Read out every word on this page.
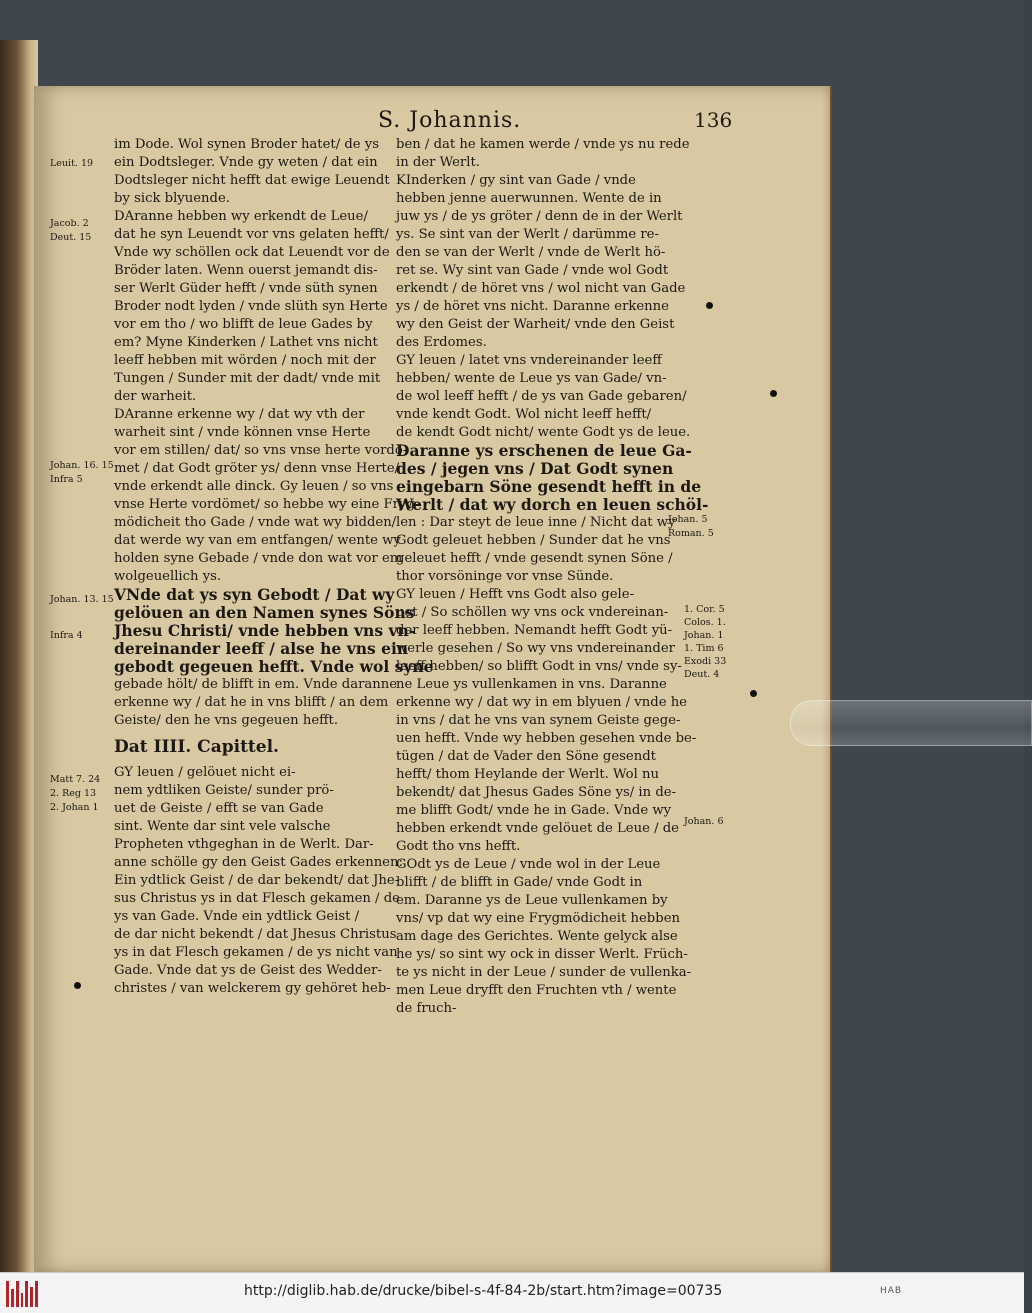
S. Johannis.	136
im Dode. Wol synen Broder hatet/ de ys
ein Dodtsleger. Vnde gy weten / dat ein
Dodtsleger nicht hefft dat ewige Leuendt
by sick blyuende.
DAranne hebben wy erkendt de Leue/
dat he syn Leuendt vor vns gelaten hefft/
Vnde wy schöllen ock dat Leuendt vor de
Bröder laten. Wenn ouerst jemandt dis-
ser Werlt Güder hefft / vnde süth synen
Broder nodt lyden / vnde slüth syn Herte
vor em tho / wo blifft de leue Gades by
em? Myne Kinderken / Lathet vns nicht
leeff hebben mit wörden / noch mit der
Tungen / Sunder mit der dadt/ vnde mit
der warheit.
DAranne erkenne wy / dat wy vth der
warheit sint / vnde können vnse Herte
vor em stillen/ dat/ so vns vnse herte vordö-
met / dat Godt gröter ys/ denn vnse Herte/
vnde erkendt alle dinck. Gy leuen / so vns
vnse Herte vordömet/ so hebbe wy eine Fryg-
mödicheit tho Gade / vnde wat wy bidden/
dat werde wy van em entfangen/ wente wy
holden syne Gebade / vnde don wat vor em
wolgeuellich ys.
VNde dat ys syn Gebodt / Dat wy
gelöuen an den Namen synes Söns
Jhesu Christi/ vnde hebben vns vn-
dereinander leeff / alse he vns ein
gebodt gegeuen hefft. Vnde wol syne
gebade hölt/ de blifft in em. Vnde daranne
erkenne wy / dat he in vns blifft / an dem
Geiste/ den he vns gegeuen hefft.
Dat IIII. Capittel.
GY leuen / gelöuet nicht ei-
nem ydtliken Geiste/ sunder prö-
uet de Geiste / efft se van Gade
sint. Wente dar sint vele valsche
Propheten vthgeghan in de Werlt. Dar-
anne schölle gy den Geist Gades erkennen:
Ein ydtlick Geist / de dar bekendt/ dat Jhe-
sus Christus ys in dat Flesch gekamen / de
ys van Gade. Vnde ein ydtlick Geist /
de dar nicht bekendt / dat Jhesus Christus
ys in dat Flesch gekamen / de ys nicht van
Gade. Vnde dat ys de Geist des Wedder-
christes / van welckerem gy gehöret heb-
ben / dat he kamen werde / vnde ys nu rede
in der Werlt.
KInderken / gy sint van Gade / vnde
hebben jenne auerwunnen. Wente de in
juw ys / de ys gröter / denn de in der Werlt
ys. Se sint van der Werlt / darümme re-
den se van der Werlt / vnde de Werlt hö-
ret se. Wy sint van Gade / vnde wol Godt
erkendt / de höret vns / wol nicht van Gade
ys / de höret vns nicht. Daranne erkenne
wy den Geist der Warheit/ vnde den Geist
des Erdomes.
GY leuen / latet vns vndereinander leeff
hebben/ wente de Leue ys van Gade/ vn-
de wol leeff hefft / de ys van Gade gebaren/
vnde kendt Godt. Wol nicht leeff hefft/
de kendt Godt nicht/ wente Godt ys de leue.
Daranne ys erschenen de leue Ga-
des / jegen vns / Dat Godt synen
eingebarn Söne gesendt hefft in de
Werlt / dat wy dorch en leuen schöl-
len : Dar steyt de leue inne / Nicht dat wy
Godt geleuet hebben / Sunder dat he vns
geleuet hefft / vnde gesendt synen Söne /
thor vorsöninge vor vnse Sünde.
GY leuen / Hefft vns Godt also gele-
uet / So schöllen wy vns ock vndereinan-
der leeff hebben. Nemandt hefft Godt yü-
werle gesehen / So wy vns vndereinander
leeff hebben/ so blifft Godt in vns/ vnde sy-
ne Leue ys vullenkamen in vns. Daranne
erkenne wy / dat wy in em blyuen / vnde he
in vns / dat he vns van synem Geiste gege-
uen hefft. Vnde wy hebben gesehen vnde be-
tügen / dat de Vader den Söne gesendt
hefft/ thom Heylande der Werlt. Wol nu
bekendt/ dat Jhesus Gades Söne ys/ in de-
me blifft Godt/ vnde he in Gade. Vnde wy
hebben erkendt vnde gelöuet de Leue / de
Godt tho vns hefft.
GOdt ys de Leue / vnde wol in der Leue
blifft / de blifft in Gade/ vnde Godt in
em. Daranne ys de Leue vullenkamen by
vns/ vp dat wy eine Frygmödicheit hebben
am dage des Gerichtes. Wente gelyck alse
he ys/ so sint wy ock in disser Werlt. Früch-
te ys nicht in der Leue / sunder de vullenka-
men Leue dryfft den Fruchten vth / wente
de fruch-
Leuit. 19
Jacob. 2
Deut. 15
Johan. 16. 15
Infra 5
Johan. 13. 15
Infra 4
Matt 7. 24
2. Reg 13
2. Johan 1
Johan. 5
Roman. 5
1. Cor. 5
Colos. 1.
Johan. 1
1. Tim 6
Exodi 33
Deut. 4
Johan. 6
http://diglib.hab.de/drucke/bibel-s-4f-84-2b/start.htm?image=00735	HAB
